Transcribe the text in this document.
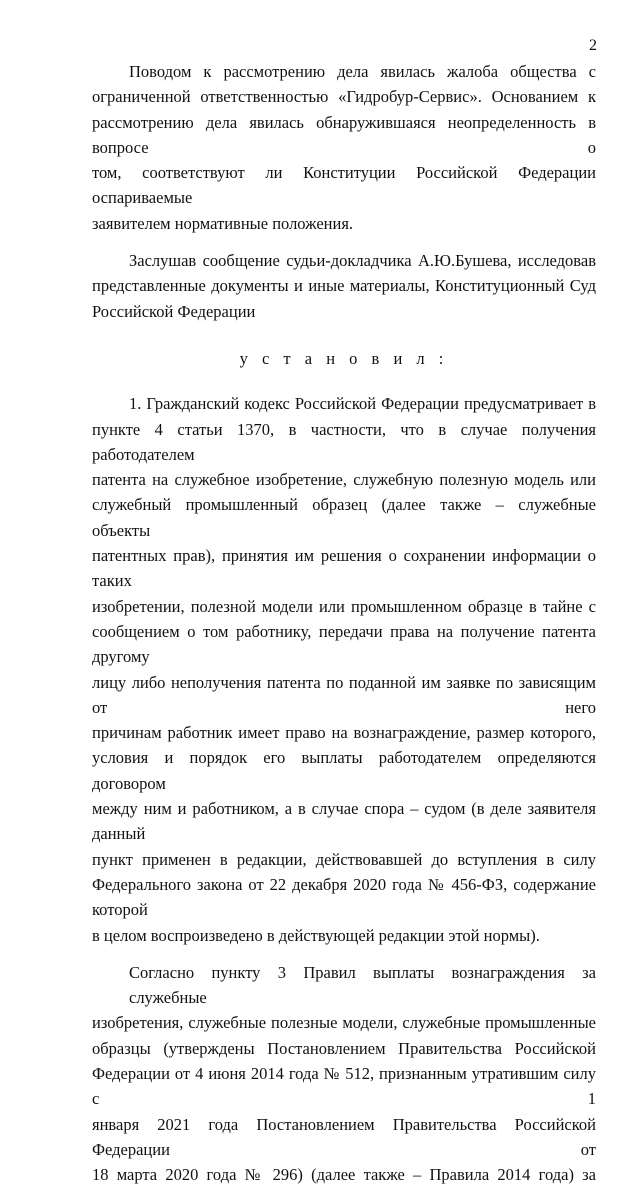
2
Поводом к рассмотрению дела явилась жалоба общества с
ограниченной ответственностью «Гидробур-Сервис». Основанием к
рассмотрению дела явилась обнаружившаяся неопределенность в вопросе о
том, соответствуют ли Конституции Российской Федерации оспариваемые
заявителем нормативные положения.
Заслушав сообщение судьи-докладчика А.Ю.Бушева, исследовав
представленные документы и иные материалы, Конституционный Суд
Российской Федерации
у с т а н о в и л :
1. Гражданский кодекс Российской Федерации предусматривает в
пункте 4 статьи 1370, в частности, что в случае получения работодателем
патента на служебное изобретение, служебную полезную модель или
служебный промышленный образец (далее также – служебные объекты
патентных прав), принятия им решения о сохранении информации о таких
изобретении, полезной модели или промышленном образце в тайне с
сообщением о том работнику, передачи права на получение патента другому
лицу либо неполучения патента по поданной им заявке по зависящим от него
причинам работник имеет право на вознаграждение, размер которого,
условия и порядок его выплаты работодателем определяются договором
между ним и работником, а в случае спора – судом (в деле заявителя данный
пункт применен в редакции, действовавшей до вступления в силу
Федерального закона от 22 декабря 2020 года № 456-ФЗ, содержание которой
в целом воспроизведено в действующей редакции этой нормы).
Согласно пункту 3 Правил выплаты вознаграждения за служебные
изобретения, служебные полезные модели, служебные промышленные
образцы (утверждены Постановлением Правительства Российской
Федерации от 4 июня 2014 года № 512, признанным утратившим силу с 1
января 2021 года Постановлением Правительства Российской Федерации от
18 марта 2020 года № 296) (далее также – Правила 2014 года) за
